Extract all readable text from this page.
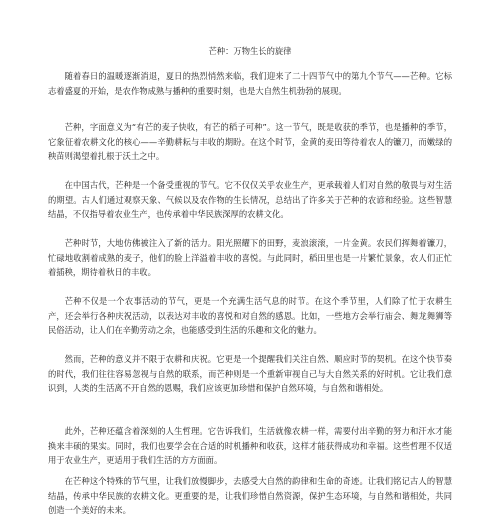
芒种：万物生长的旋律

随着春日的温暖逐渐消退，夏日的热烈悄然来临，我们迎来了二十四节气中的第九个节气——芒种。它标志着盛夏的开始，是农作物成熟与播种的重要时刻，也是大自然生机勃勃的展现。

芒种，字面意义为“有芒的麦子快收，有芒的稻子可种”。这一节气，既是收获的季节，也是播种的季节，它象征着农耕文化的核心——辛勤耕耘与丰收的期盼。在这个时节，金黄的麦田等待着农人的镰刀，而嫩绿的秧苗则渴望着扎根于沃土之中。

在中国古代，芒种是一个备受重视的节气。它不仅仅关乎农业生产，更承载着人们对自然的敬畏与对生活的期望。古人们通过观察天象、气候以及农作物的生长情况，总结出了许多关于芒种的农谚和经验。这些智慧结晶，不仅指导着农业生产，也传承着中华民族深厚的农耕文化。

芒种时节，大地仿佛被注入了新的活力。阳光照耀下的田野，麦浪滚滚，一片金黄。农民们挥舞着镰刀，忙碌地收割着成熟的麦子，他们的脸上洋溢着丰收的喜悦。与此同时，稻田里也是一片繁忙景象，农人们正忙着插秧，期待着秋日的丰收。

芒种不仅是一个农事活动的节气，更是一个充满生活气息的时节。在这个季节里，人们除了忙于农耕生产，还会举行各种庆祝活动，以表达对丰收的喜悦和对自然的感恩。比如，一些地方会举行庙会、舞龙舞狮等民俗活动，让人们在辛勤劳动之余，也能感受到生活的乐趣和文化的魅力。

然而，芒种的意义并不限于农耕和庆祝。它更是一个提醒我们关注自然、顺应时节的契机。在这个快节奏的时代，我们往往容易忽视与自然的联系，而芒种则是一个重新审视自己与大自然关系的好时机。它让我们意识到，人类的生活离不开自然的恩赐，我们应该更加珍惜和保护自然环境，与自然和谐相处。

此外，芒种还蕴含着深刻的人生哲理。它告诉我们，生活就像农耕一样，需要付出辛勤的努力和汗水才能换来丰硕的果实。同时，我们也要学会在合适的时机播种和收获，这样才能获得成功和幸福。这些哲理不仅适用于农业生产，更适用于我们生活的方方面面。

在芒种这个特殊的节气里，让我们放慢脚步，去感受大自然的韵律和生命的奇迹。让我们铭记古人的智慧结晶，传承中华民族的农耕文化。更重要的是，让我们珍惜自然资源，保护生态环境，与自然和谐相处，共同创造一个美好的未来。
